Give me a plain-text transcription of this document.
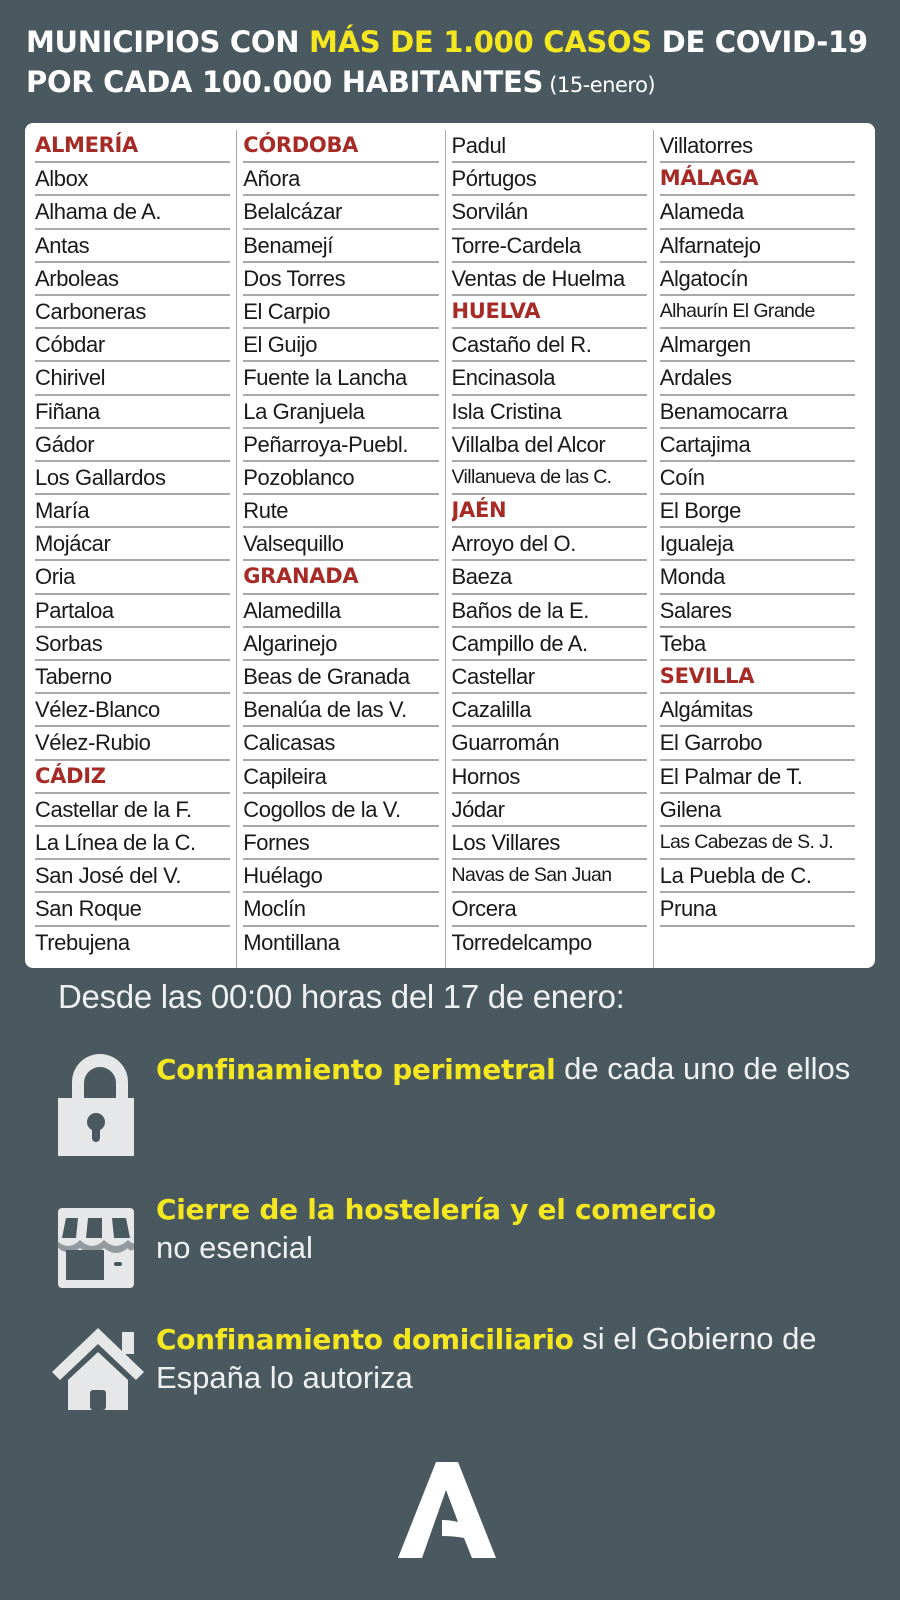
MUNICIPIOS CON MÁS DE 1.000 CASOS DE COVID-19 POR CADA 100.000 HABITANTES (15-enero)
ALMERÍA
Albox
Alhama de A.
Antas
Arboleas
Carboneras
Cóbdar
Chirivel
Fiñana
Gádor
Los Gallardos
María
Mojácar
Oria
Partaloa
Sorbas
Taberno
Vélez-Blanco
Vélez-Rubio
CÁDIZ
Castellar de la F.
La Línea de la C.
San José del V.
San Roque
Trebujena
CÓRDOBA
Añora
Belalcázar
Benamejí
Dos Torres
El Carpio
El Guijo
Fuente la Lancha
La Granjuela
Peñarroya-Puebl.
Pozoblanco
Rute
Valsequillo
GRANADA
Alamedilla
Algarinejo
Beas de Granada
Benalúa de las V.
Calicasas
Capileira
Cogollos de la V.
Fornes
Huélago
Moclín
Montillana
Padul
Pórtugos
Sorvilán
Torre-Cardela
Ventas de Huelma
HUELVA
Castaño del R.
Encinasola
Isla Cristina
Villalba del Alcor
Villanueva de las C.
JAÉN
Arroyo del O.
Baeza
Baños de la E.
Campillo de A.
Castellar
Cazalilla
Guarromán
Hornos
Jódar
Los Villares
Navas de San Juan
Orcera
Torredelcampo
Villatorres
MÁLAGA
Alameda
Alfarnatejo
Algatocín
Alhaurín El Grande
Almargen
Ardales
Benamocarra
Cartajima
Coín
El Borge
Igualeja
Monda
Salares
Teba
SEVILLA
Algámitas
El Garrobo
El Palmar de T.
Gilena
Las Cabezas de S. J.
La Puebla de C.
Pruna
Desde las 00:00 horas del 17 de enero:
Confinamiento perimetral de cada uno de ellos
Cierre de la hostelería y el comercio
no esencial
Confinamiento domiciliario si el Gobierno de España lo autoriza
